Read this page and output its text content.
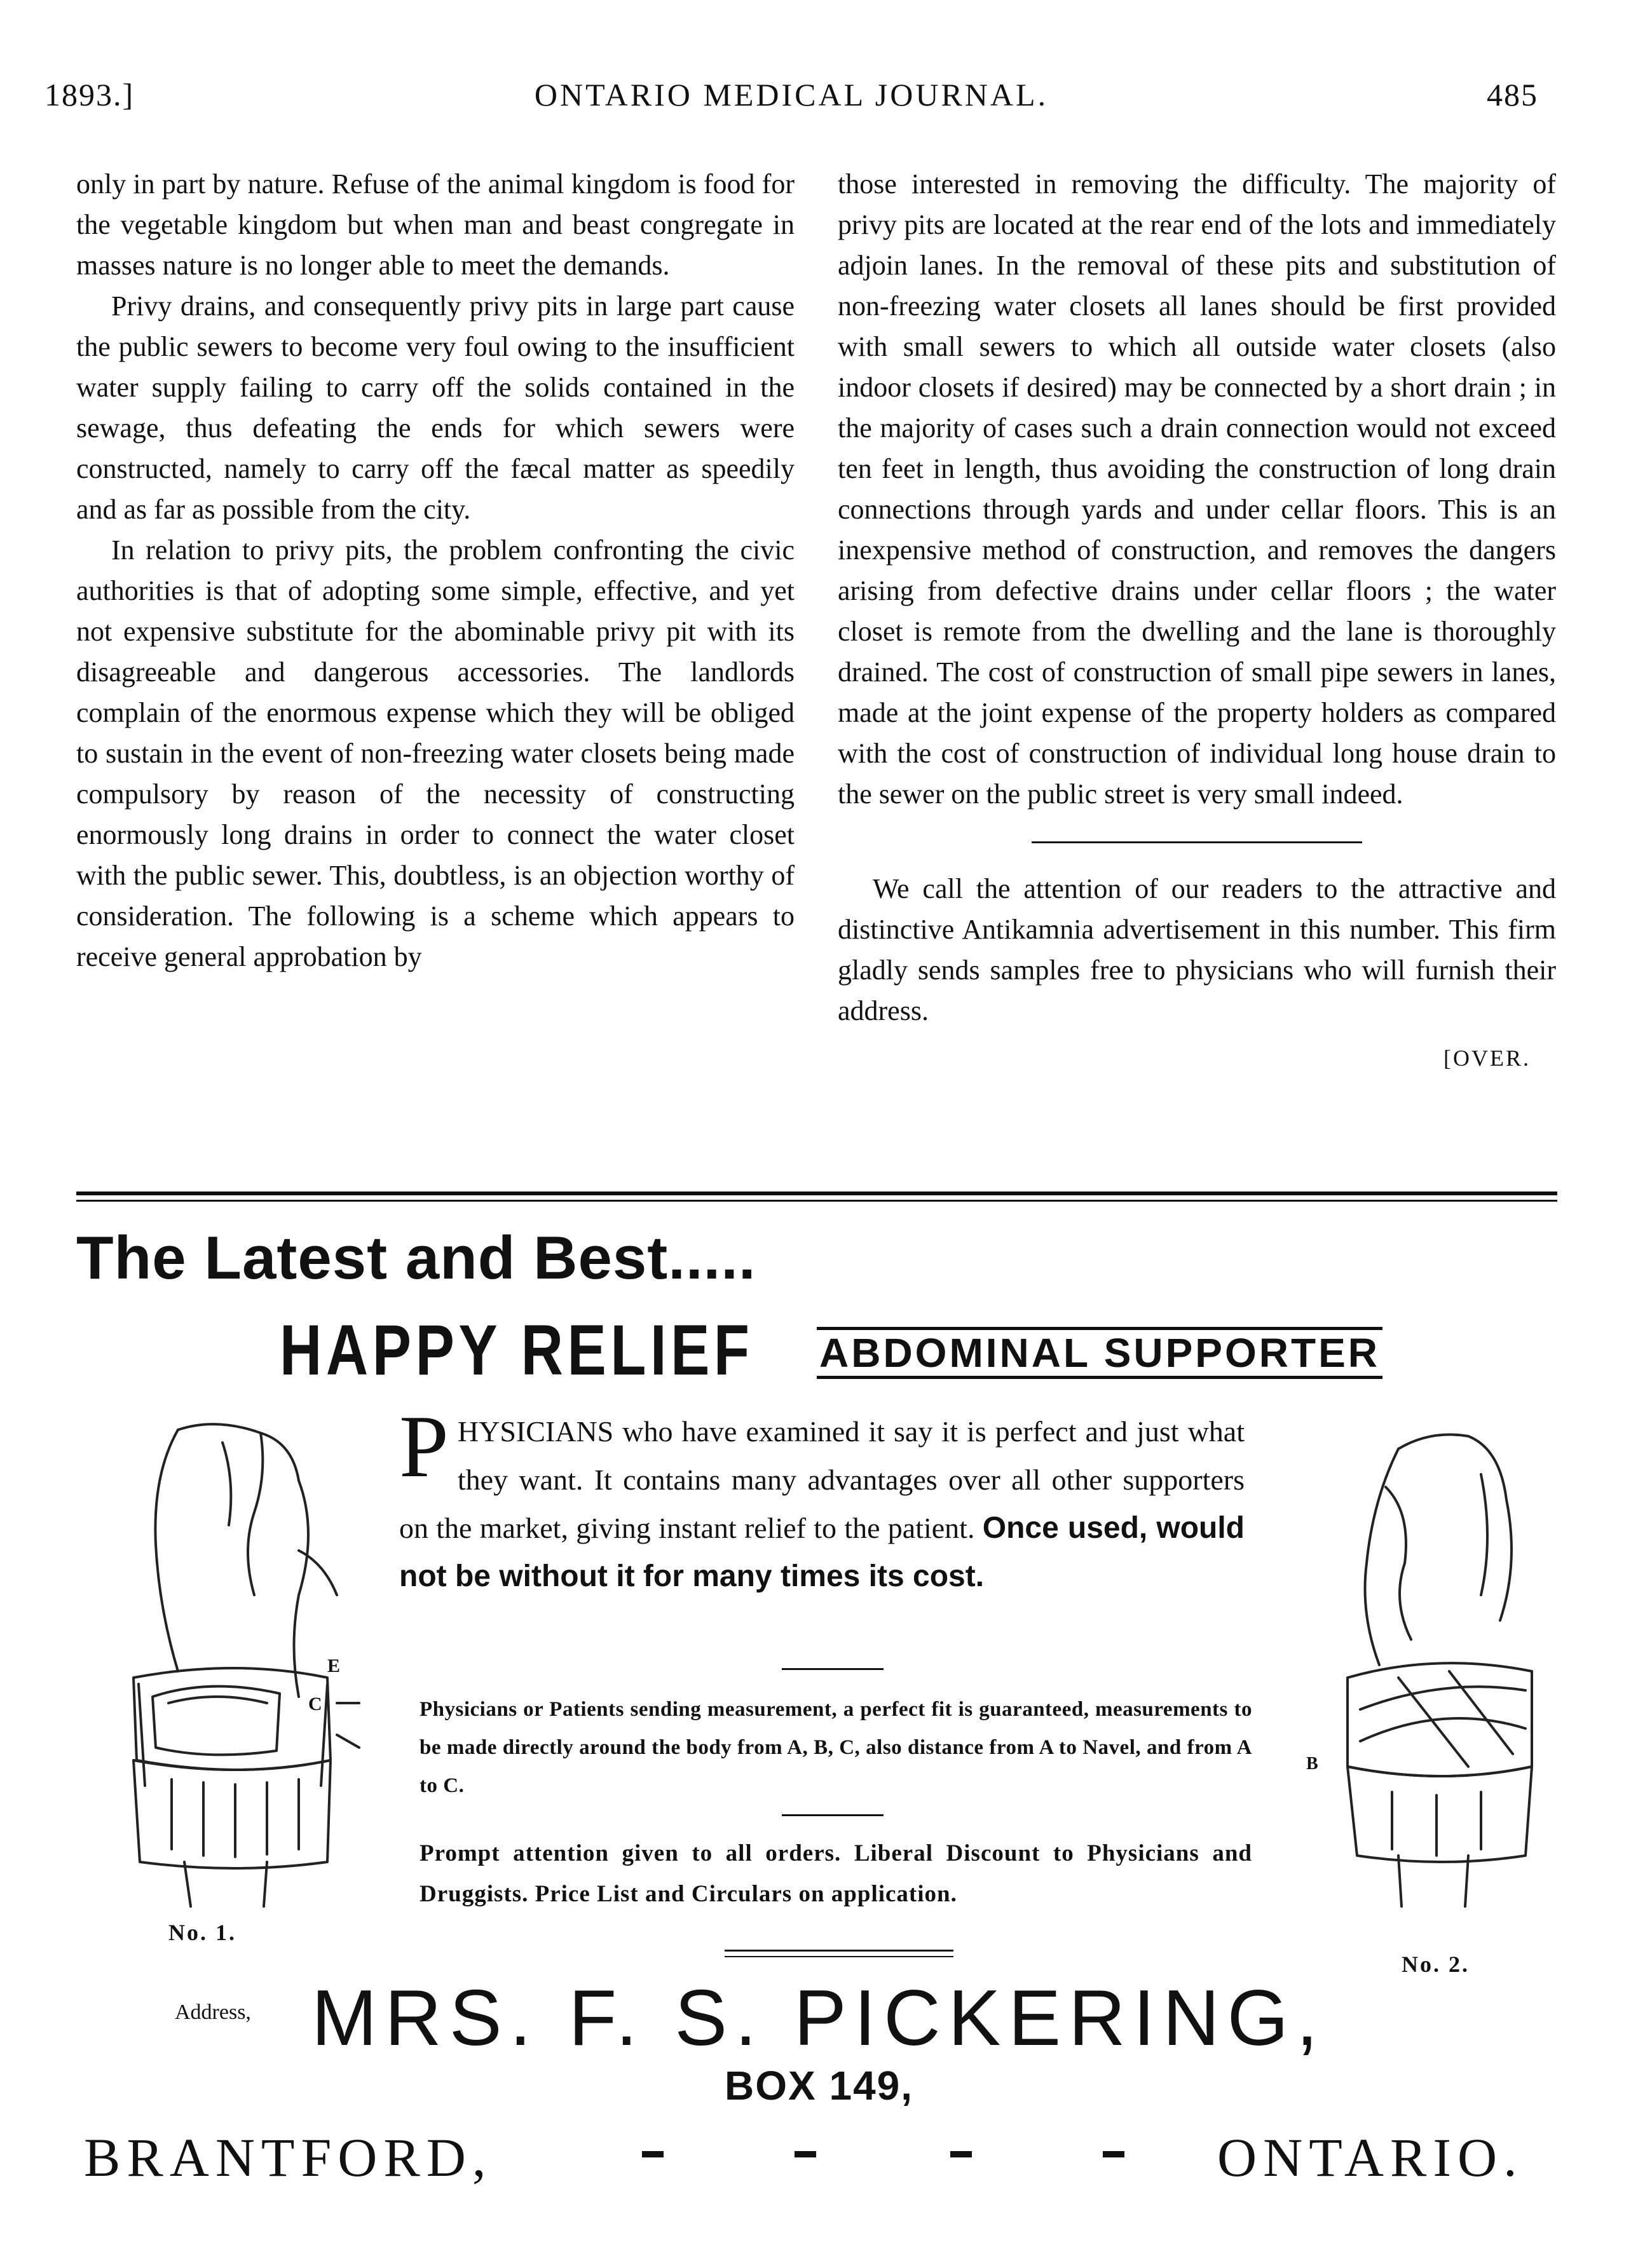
1893.]	ONTARIO MEDICAL JOURNAL.	485

only in part by nature. Refuse of the animal kingdom is food for the vegetable kingdom but when man and beast congregate in masses nature is no longer able to meet the demands.

Privy drains, and consequently privy pits in large part cause the public sewers to become very foul owing to the insufficient water supply failing to carry off the solids contained in the sewage, thus defeating the ends for which sewers were constructed, namely to carry off the fæcal matter as speedily and as far as possible from the city.

In relation to privy pits, the problem confronting the civic authorities is that of adopting some simple, effective, and yet not expensive substitute for the abominable privy pit with its disagreeable and dangerous accessories. The landlords complain of the enormous expense which they will be obliged to sustain in the event of non-freezing water closets being made compulsory by reason of the necessity of constructing enormously long drains in order to connect the water closet with the public sewer. This, doubtless, is an objection worthy of consideration. The following is a scheme which appears to receive general approbation by

those interested in removing the difficulty. The majority of privy pits are located at the rear end of the lots and immediately adjoin lanes. In the removal of these pits and substitution of non-freezing water closets all lanes should be first provided with small sewers to which all outside water closets (also indoor closets if desired) may be connected by a short drain ; in the majority of cases such a drain connection would not exceed ten feet in length, thus avoiding the construction of long drain connections through yards and under cellar floors. This is an inexpensive method of construction, and removes the dangers arising from defective drains under cellar floors ; the water closet is remote from the dwelling and the lane is thoroughly drained. The cost of construction of small pipe sewers in lanes, made at the joint expense of the property holders as compared with the cost of construction of individual long house drain to the sewer on the public street is very small indeed.

We call the attention of our readers to the attractive and distinctive Antikamnia advertisement in this number. This firm gladly sends samples free to physicians who will furnish their address.

[OVER.
The Latest and Best.....
HAPPY RELIEF ABDOMINAL SUPPORTER
E
C
No. 1.
B
No. 2.
P HYSICIANS who have examined it say it is perfect and just what they want. It contains many advantages over all other supporters on the market, giving instant relief to the patient. Once used, would not be without it for many times its cost.
Physicians or Patients sending measurement, a perfect fit is guaranteed, measurements to be made directly around the body from A, B, C, also distance from A to Navel, and from A to C.
Prompt attention given to all orders. Liberal Discount to Physicians and Druggists. Price List and Circulars on application.
Address, MRS. F. S. PICKERING,
BOX 149,
BRANTFORD,	ONTARIO.
